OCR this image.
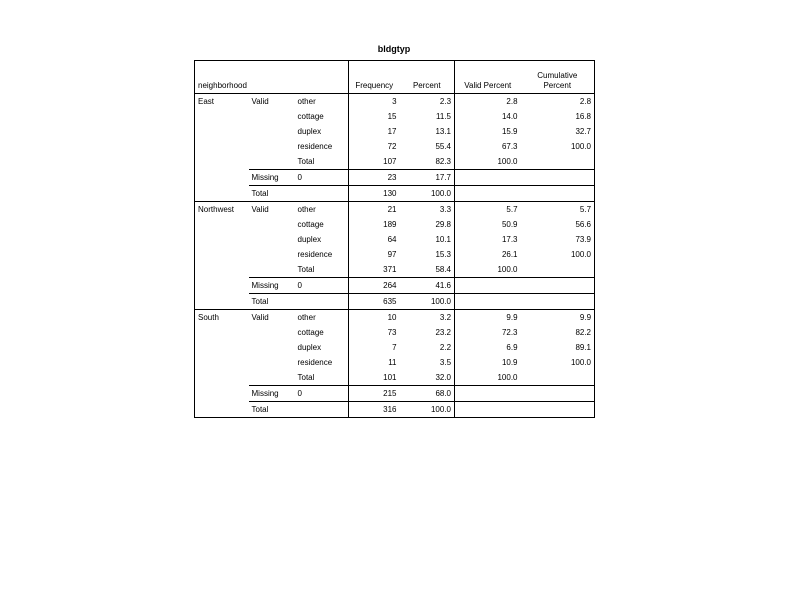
bldgtyp
neighborhood			Frequency	Percent	Valid Percent	Cumulative Percent
East	Valid	other	3	2.3	2.8	2.8
		cottage	15	11.5	14.0	16.8
		duplex	17	13.1	15.9	32.7
		residence	72	55.4	67.3	100.0
		Total	107	82.3	100.0	
	Missing	0	23	17.7		
	Total		130	100.0		
Northwest	Valid	other	21	3.3	5.7	5.7
		cottage	189	29.8	50.9	56.6
		duplex	64	10.1	17.3	73.9
		residence	97	15.3	26.1	100.0
		Total	371	58.4	100.0	
	Missing	0	264	41.6		
	Total		635	100.0		
South	Valid	other	10	3.2	9.9	9.9
		cottage	73	23.2	72.3	82.2
		duplex	7	2.2	6.9	89.1
		residence	11	3.5	10.9	100.0
		Total	101	32.0	100.0	
	Missing	0	215	68.0		
	Total		316	100.0		
